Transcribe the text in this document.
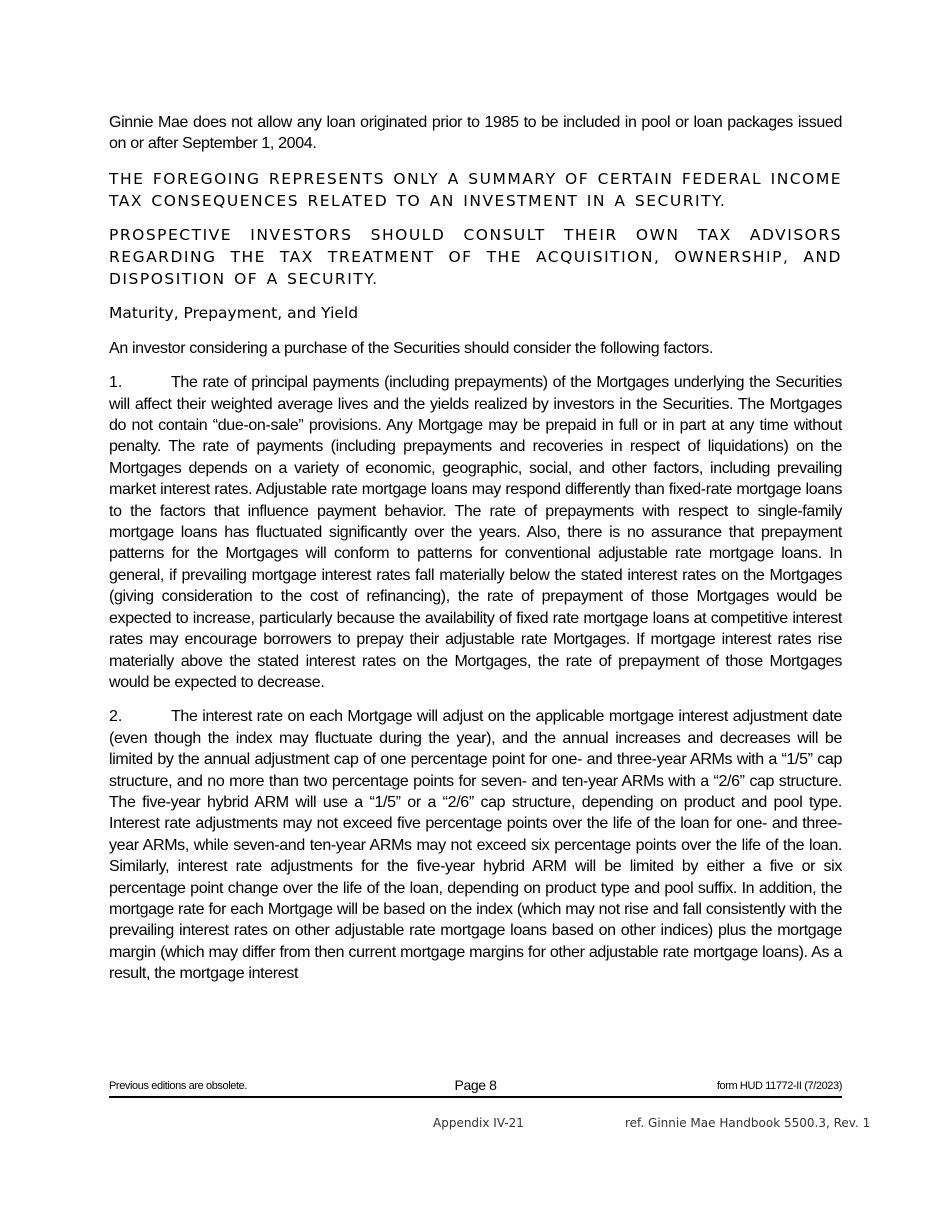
Ginnie Mae does not allow any loan originated prior to 1985 to be included in pool or loan packages issued on or after September 1, 2004.

THE FOREGOING REPRESENTS ONLY A SUMMARY OF CERTAIN FEDERAL INCOME TAX CONSEQUENCES RELATED TO AN INVESTMENT IN A SECURITY.

PROSPECTIVE INVESTORS SHOULD CONSULT THEIR OWN TAX ADVISORS REGARDING THE TAX TREATMENT OF THE ACQUISITION, OWNERSHIP, AND DISPOSITION OF A SECURITY.

Maturity, Prepayment, and Yield

An investor considering a purchase of the Securities should consider the following factors.

1.	The rate of principal payments (including prepayments) of the Mortgages underlying the Securities will affect their weighted average lives and the yields realized by investors in the Securities. The Mortgages do not contain “due-on-sale” provisions. Any Mortgage may be prepaid in full or in part at any time without penalty. The rate of payments (including prepayments and recoveries in respect of liquidations) on the Mortgages depends on a variety of economic, geographic, social, and other factors, including prevailing market interest rates. Adjustable rate mortgage loans may respond differently than fixed-rate mortgage loans to the factors that influence payment behavior. The rate of prepayments with respect to single-family mortgage loans has fluctuated significantly over the years. Also, there is no assurance that prepayment patterns for the Mortgages will conform to patterns for conventional adjustable rate mortgage loans. In general, if prevailing mortgage interest rates fall materially below the stated interest rates on the Mortgages (giving consideration to the cost of refinancing), the rate of prepayment of those Mortgages would be expected to increase, particularly because the availability of fixed rate mortgage loans at competitive interest rates may encourage borrowers to prepay their adjustable rate Mortgages. If mortgage interest rates rise materially above the stated interest rates on the Mortgages, the rate of prepayment of those Mortgages would be expected to decrease.

2.	The interest rate on each Mortgage will adjust on the applicable mortgage interest adjustment date (even though the index may fluctuate during the year), and the annual increases and decreases will be limited by the annual adjustment cap of one percentage point for one- and three-year ARMs with a “1/5” cap structure, and no more than two percentage points for seven- and ten-year ARMs with a “2/6” cap structure. The five-year hybrid ARM will use a “1/5” or a “2/6” cap structure, depending on product and pool type. Interest rate adjustments may not exceed five percentage points over the life of the loan for one- and three- year ARMs, while seven-and ten-year ARMs may not exceed six percentage points over the life of the loan. Similarly, interest rate adjustments for the five-year hybrid ARM will be limited by either a five or six percentage point change over the life of the loan, depending on product type and pool suffix. In addition, the mortgage rate for each Mortgage will be based on the index (which may not rise and fall consistently with the prevailing interest rates on other adjustable rate mortgage loans based on other indices) plus the mortgage margin (which may differ from then current mortgage margins for other adjustable rate mortgage loans). As a result, the mortgage interest

Previous editions are obsolete.	Page 8	form HUD 11772-II (7/2023)
Appendix IV-21	ref. Ginnie Mae Handbook 5500.3, Rev. 1
